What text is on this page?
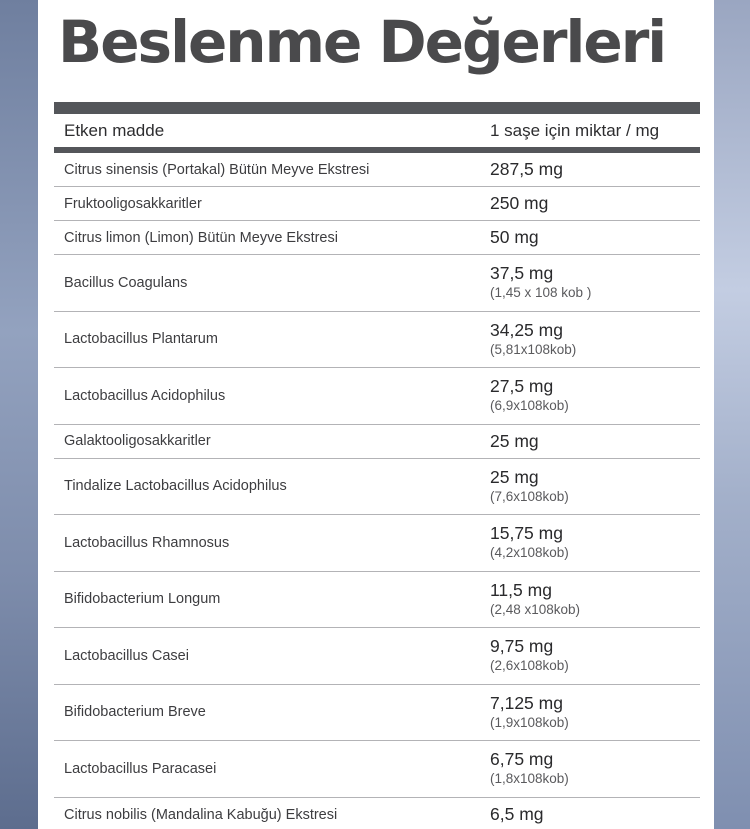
Beslenme Değerleri
Etken madde	1 saşe için miktar / mg
Citrus sinensis (Portakal) Bütün Meyve Ekstresi	287,5 mg
Fruktooligosakkaritler	250 mg
Citrus limon (Limon) Bütün Meyve Ekstresi	50 mg
Bacillus Coagulans	37,5 mg
(1,45 x 108 kob )
Lactobacillus Plantarum	34,25 mg
(5,81x108kob)
Lactobacillus Acidophilus	27,5 mg
(6,9x108kob)
Galaktooligosakkaritler	25 mg
Tindalize Lactobacillus Acidophilus	25 mg
(7,6x108kob)
Lactobacillus Rhamnosus	15,75 mg
(4,2x108kob)
Bifidobacterium Longum	11,5 mg
(2,48 x108kob)
Lactobacillus Casei	9,75 mg
(2,6x108kob)
Bifidobacterium Breve	7,125 mg
(1,9x108kob)
Lactobacillus Paracasei	6,75 mg
(1,8x108kob)
Citrus nobilis (Mandalina Kabuğu) Ekstresi	6,5 mg
